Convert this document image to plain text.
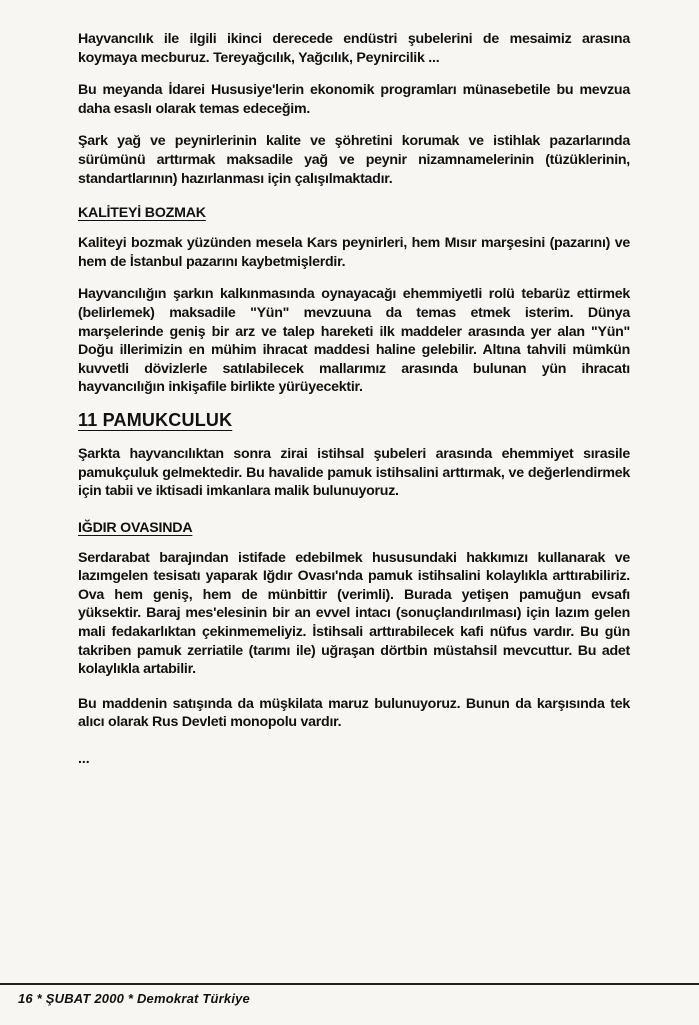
Hayvancılık ile ilgili ikinci derecede endüstri şubelerini de mesaimiz arasına koymaya mecburuz. Tereyağcılık, Yağcılık, Peynircilik ...

Bu meyanda İdarei Hususiye'lerin ekonomik programları münasebetile bu mevzua daha esaslı olarak temas edeceğim.

Şark yağ ve peynirlerinin kalite ve şöhretini korumak ve istihlak pazarlarında sürümünü arttırmak maksadile yağ ve peynir nizamnamelerinin (tüzüklerinin, standartlarının) hazırlanması için çalışılmaktadır.

KALİTEYİ BOZMAK

Kaliteyi bozmak yüzünden mesela Kars peynirleri, hem Mısır marşesini (pazarını) ve hem de İstanbul pazarını kaybetmişlerdir.

Hayvancılığın şarkın kalkınmasında oynayacağı ehemmiyetli rolü tebarüz ettirmek (belirlemek) maksadile "Yün" mevzuuna da temas etmek isterim. Dünya marşelerinde geniş bir arz ve talep hareketi ilk maddeler arasında yer alan "Yün" Doğu illerimizin en mühim ihracat maddesi haline gelebilir. Altına tahvili mümkün kuvvetli dövizlerle satılabilecek mallarımız arasında bulunan yün ihracatı hayvancılığın inkişafile birlikte yürüyecektir.

11 PAMUKCULUK

Şarkta hayvancılıktan sonra zirai istihsal şubeleri arasında ehemmiyet sırasile pamukçuluk gelmektedir. Bu havalide pamuk istihsalini arttırmak, ve değerlendirmek için tabii ve iktisadi imkanlara malik bulunuyoruz.

IĞDIR OVASINDA

Serdarabat barajından istifade edebilmek hususundaki hakkımızı kullanarak ve lazımgelen tesisatı yaparak Iğdır Ovası'nda pamuk istihsalini kolaylıkla arttırabiliriz. Ova hem geniş, hem de münbittir (verimli). Burada yetişen pamuğun evsafı yüksektir. Baraj mes'elesinin bir an evvel intacı (sonuçlandırılması) için lazım gelen mali fedakarlıktan çekinmemeliyiz. İstihsali arttırabilecek kafi nüfus vardır. Bu gün takriben pamuk zerriatile (tarımı ile) uğraşan dörtbin müstahsil mevcuttur. Bu adet kolaylıkla artabilir.

Bu maddenin satışında da müşkilata maruz bulunuyoruz. Bunun da karşısında tek alıcı olarak Rus Devleti monopolu vardır.

...
16 * ŞUBAT 2000 * Demokrat Türkiye
